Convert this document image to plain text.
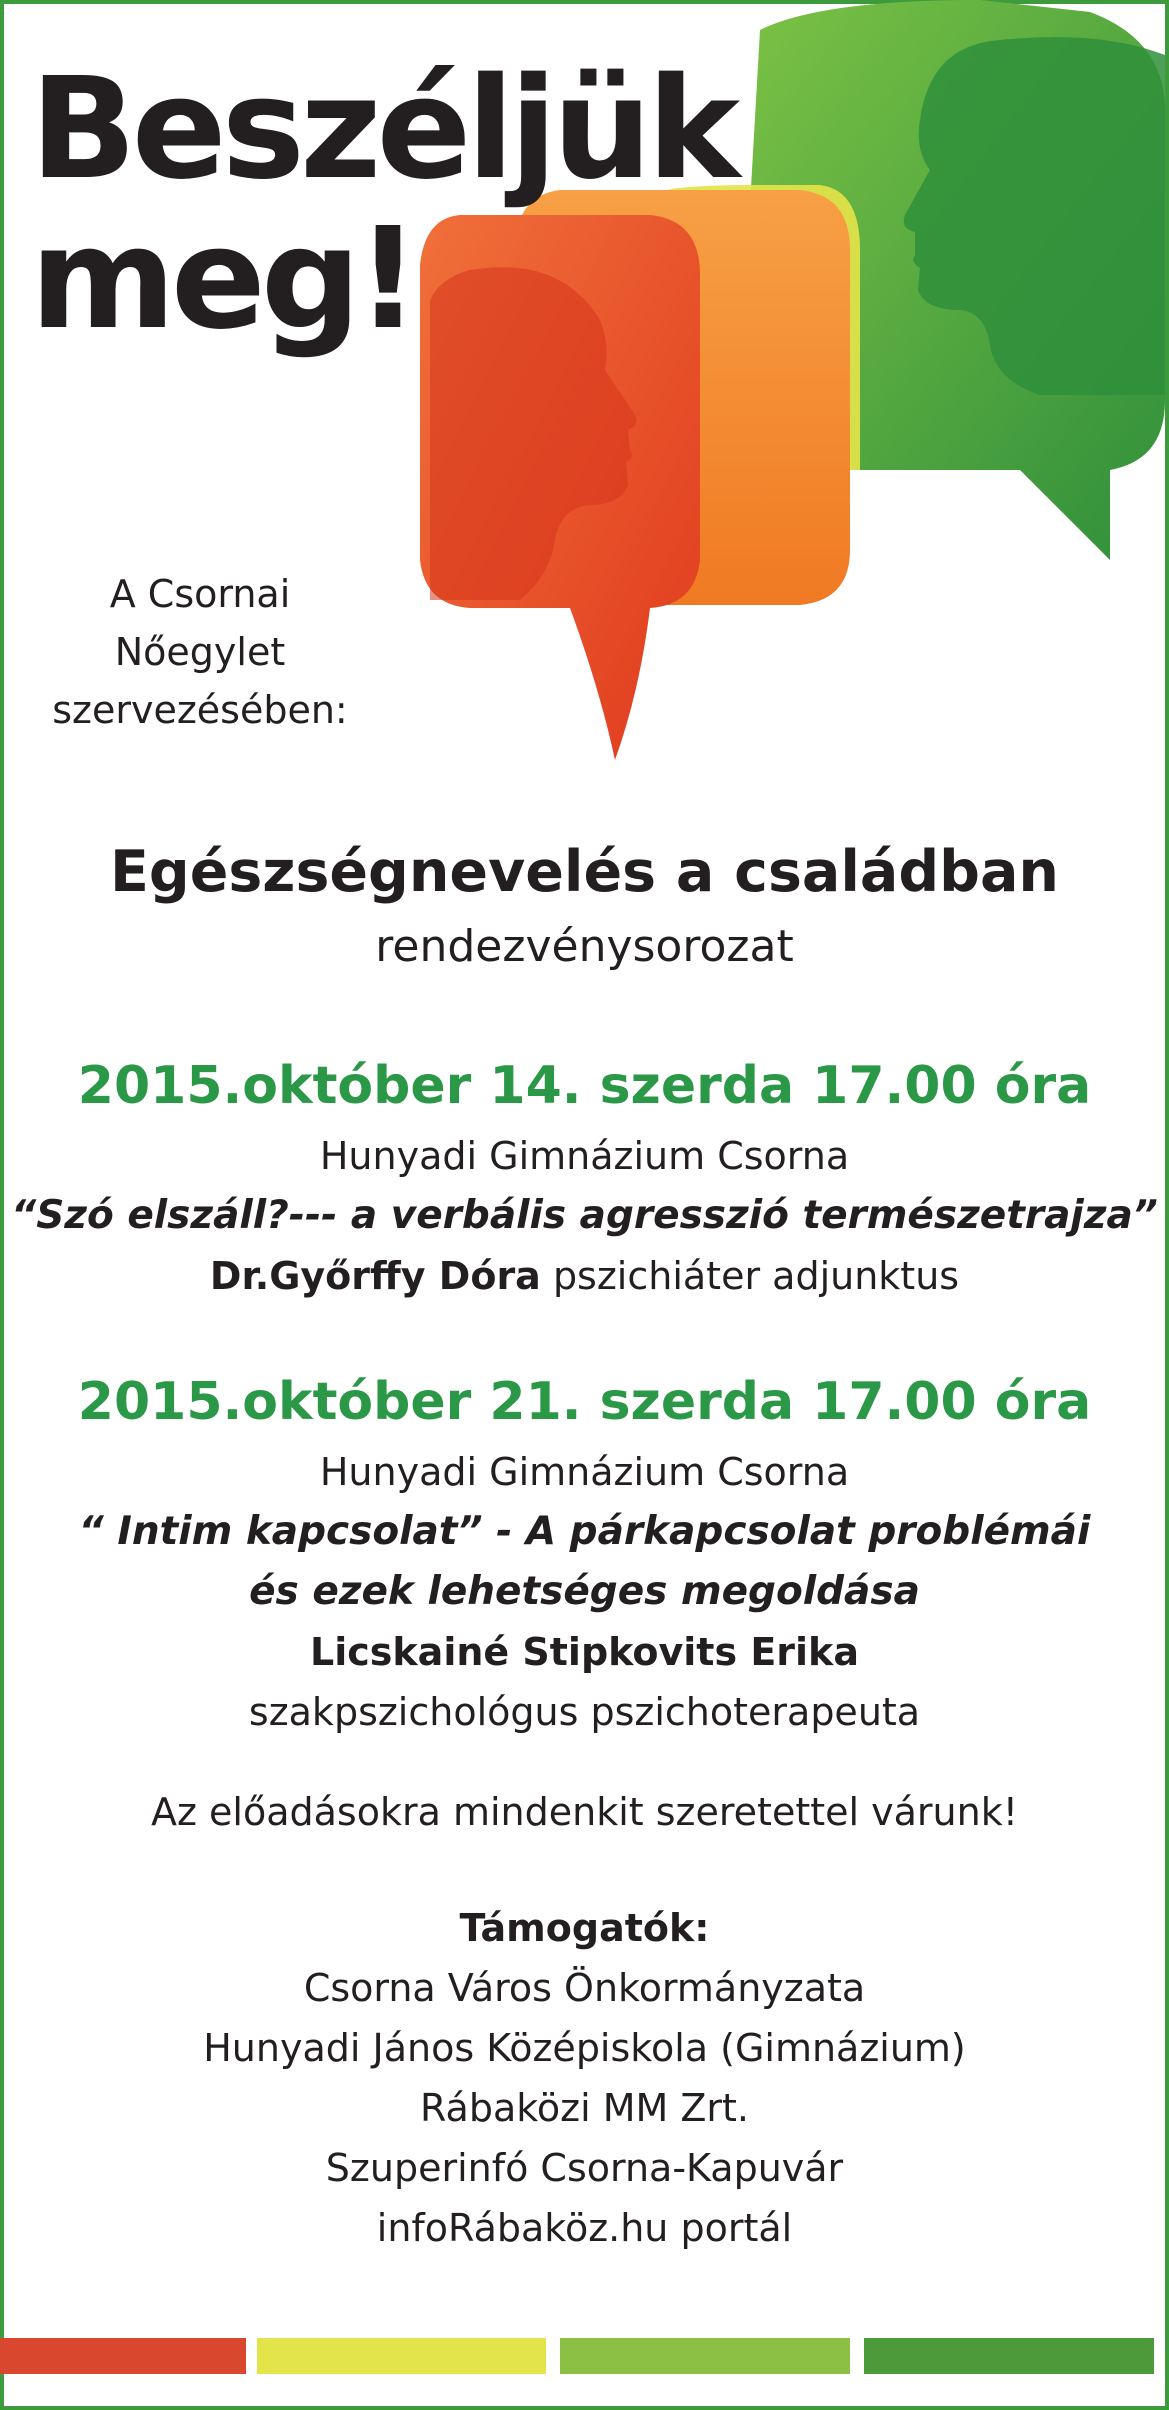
Beszéljük
meg!
A Csornai
Nőegylet
szervezésében:
Egészségnevelés a családban
rendezvénysorozat
2015.október 14. szerda 17.00 óra
Hunyadi Gimnázium Csorna
“Szó elszáll?--- a verbális agresszió természetrajza”
Dr.Győrffy Dóra pszichiáter adjunktus
2015.október 21. szerda 17.00 óra
Hunyadi Gimnázium Csorna
“ Intim kapcsolat” - A párkapcsolat problémái
és ezek lehetséges megoldása
Licskainé Stipkovits Erika
szakpszichológus pszichoterapeuta
Az előadásokra mindenkit szeretettel várunk!
Támogatók:
Csorna Város Önkormányzata
Hunyadi János Középiskola (Gimnázium)
Rábaközi MM Zrt.
Szuperinfó Csorna-Kapuvár
infoRábaköz.hu portál
